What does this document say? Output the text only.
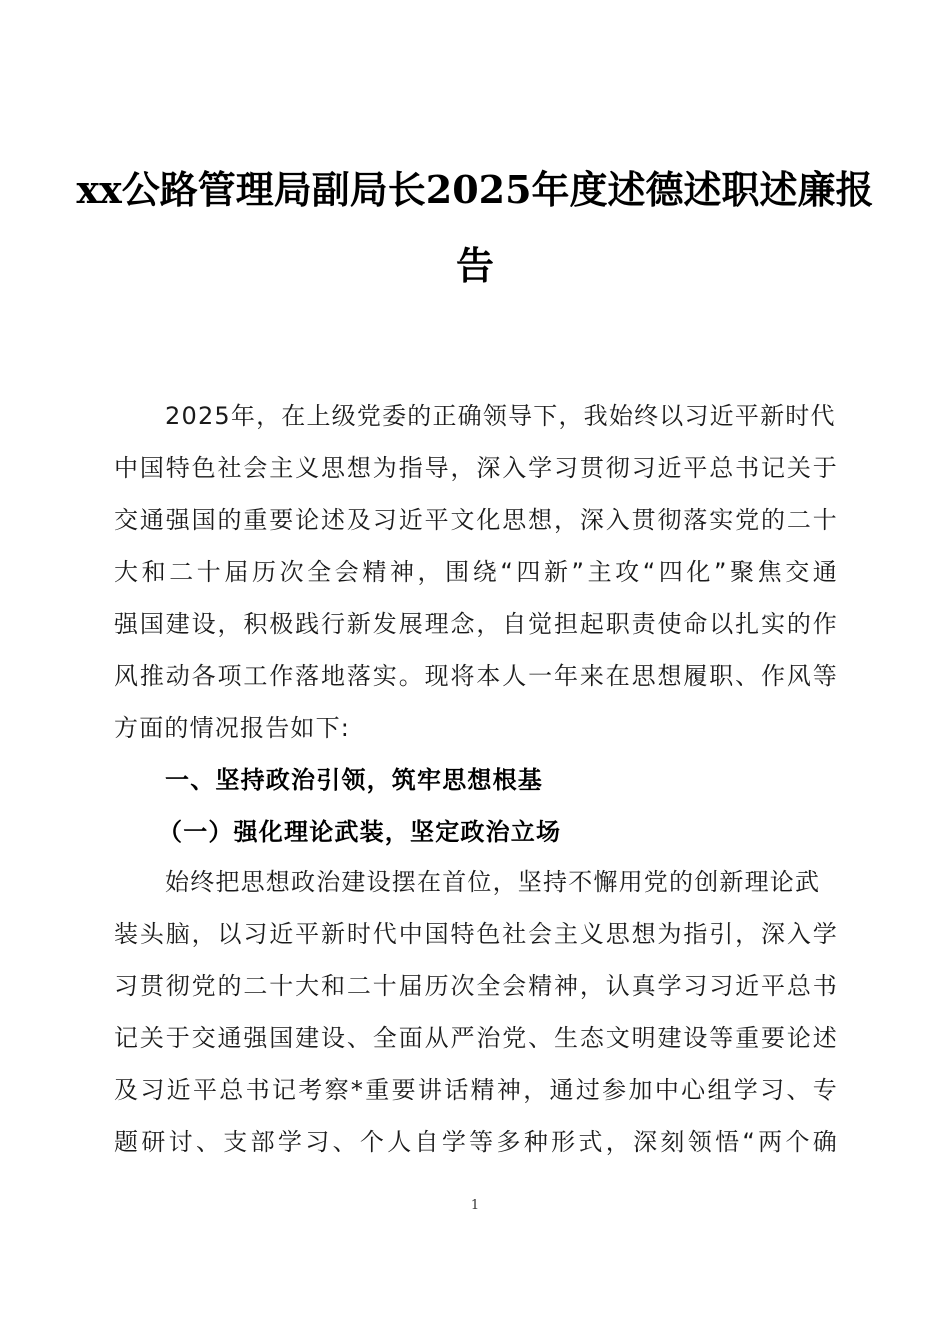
xx公路管理局副局长2025年度述德述职述廉报
告
2025年，在上级党委的正确领导下，我始终以习近平新时代
中国特色社会主义思想为指导，深入学习贯彻习近平总书记关于
交通强国的重要论述及习近平文化思想，深入贯彻落实党的二十
大和二十届历次全会精神，围绕“四新”主攻“四化”聚焦交通
强国建设，积极践行新发展理念，自觉担起职责使命以扎实的作
风推动各项工作落地落实。现将本人一年来在思想履职、作风等
方面的情况报告如下:
一、坚持政治引领，筑牢思想根基
（一）强化理论武装，坚定政治立场
始终把思想政治建设摆在首位，坚持不懈用党的创新理论武
装头脑，以习近平新时代中国特色社会主义思想为指引，深入学
习贯彻党的二十大和二十届历次全会精神，认真学习习近平总书
记关于交通强国建设、全面从严治党、生态文明建设等重要论述
及习近平总书记考察*重要讲话精神，通过参加中心组学习、专
题研讨、支部学习、个人自学等多种形式，深刻领悟“两个确
1
